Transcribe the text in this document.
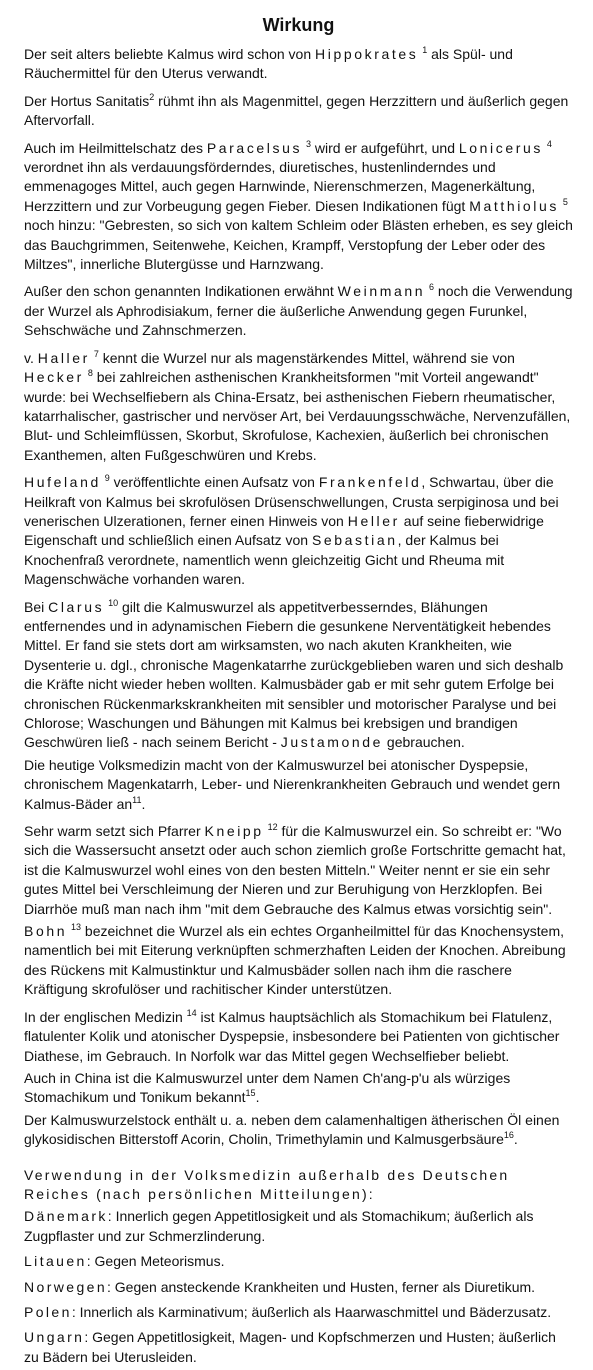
Wirkung

Der seit alters beliebte Kalmus wird schon von Hippokrates $^1$ als Spül- und Räuchermittel für den Uterus verwandt.

Der Hortus Sanitatis$^2$ rühmt ihn als Magenmittel, gegen Herzzittern und äußerlich gegen Aftervorfall.

Auch im Heilmittelschatz des Paracelsus $^3$ wird er aufgeführt, und Lonicerus $^4$ verordnet ihn als verdauungsförderndes, diuretisches, hustenlinderndes und emmenagoges Mittel, auch gegen Harnwinde, Nierenschmerzen, Magenerkältung, Herzzittern und zur Vorbeugung gegen Fieber. Diesen Indikationen fügt Matthiolus $^5$ noch hinzu: "Gebresten, so sich von kaltem Schleim oder Blästen erheben, es sey gleich das Bauchgrimmen, Seitenwehe, Keichen, Krampff, Verstopfung der Leber oder des Miltzes", innerliche Blutergüsse und Harnzwang.

Außer den schon genannten Indikationen erwähnt Weinmann $^6$ noch die Verwendung der Wurzel als Aphrodisiakum, ferner die äußerliche Anwendung gegen Furunkel, Sehschwäche und Zahnschmerzen.

v. Haller $^7$ kennt die Wurzel nur als magenstärkendes Mittel, während sie von Hecker $^8$ bei zahlreichen asthenischen Krankheitsformen "mit Vorteil angewandt" wurde: bei Wechselfiebern als China-Ersatz, bei asthenischen Fiebern rheumatischer, katarrhalischer, gastrischer und nervöser Art, bei Verdauungsschwäche, Nervenzufällen, Blut- und Schleimflüssen, Skorbut, Skrofulose, Kachexien, äußerlich bei chronischen Exanthemen, alten Fußgeschwüren und Krebs.

Hufeland $^9$ veröffentlichte einen Aufsatz von Frankenfeld, Schwartau, über die Heilkraft von Kalmus bei skrofulösen Drüsenschwellungen, Crusta serpiginosa und bei venerischen Ulzerationen, ferner einen Hinweis von Heller auf seine fieberwidrige Eigenschaft und schließlich einen Aufsatz von Sebastian, der Kalmus bei Knochenfraß verordnete, namentlich wenn gleichzeitig Gicht und Rheuma mit Magenschwäche vorhanden waren.

Bei Clarus $^{10}$ gilt die Kalmuswurzel als appetitverbesserndes, Blähungen entfernendes und in adynamischen Fiebern die gesunkene Nerventätigkeit hebendes Mittel. Er fand sie stets dort am wirksamsten, wo nach akuten Krankheiten, wie Dysenterie u. dgl., chronische Magenkatarrhe zurückgeblieben waren und sich deshalb die Kräfte nicht wieder heben wollten. Kalmusbäder gab er mit sehr gutem Erfolge bei chronischen Rückenmarkskrankheiten mit sensibler und motorischer Paralyse und bei Chlorose; Waschungen und Bähungen mit Kalmus bei krebsigen und brandigen Geschwüren ließ - nach seinem Bericht - Justamonde gebrauchen.

Die heutige Volksmedizin macht von der Kalmuswurzel bei atonischer Dyspepsie, chronischem Magenkatarrh, Leber- und Nierenkrankheiten Gebrauch und wendet gern Kalmus-Bäder $an^{11}$.

Sehr warm setzt sich Pfarrer Kneipp $^{12}$ für die Kalmuswurzel ein. So schreibt er: "Wo sich die Wassersucht ansetzt oder auch schon ziemlich große Fortschritte gemacht hat, ist die Kalmuswurzel wohl eines von den besten Mitteln." Weiter nennt er sie ein sehr gutes Mittel bei Verschleimung der Nieren und zur Beruhigung von Herzklopfen. Bei Diarrhöe muß man nach ihm "mit dem Gebrauche des Kalmus etwas vorsichtig sein".

Bohn $^{13}$ bezeichnet die Wurzel als ein echtes Organheilmittel für das Knochensystem, namentlich bei mit Eiterung verknüpften schmerzhaften Leiden der Knochen. Abreibung des Rückens mit Kalmustinktur und Kalmusbäder sollen nach ihm die raschere Kräftigung skrofulöser und rachitischer Kinder unterstützen.

In der englischen Medizin $^{14}$ ist Kalmus hauptsächlich als Stomachikum bei Flatulenz, flatulenter Kolik und atonischer Dyspepsie, insbesondere bei Patienten von gichtischer Diathese, im Gebrauch. In Norfolk war das Mittel gegen Wechselfieber beliebt.

Auch in China ist die Kalmuswurzel unter dem Namen Ch'ang-p'u als würziges Stomachikum und Tonikum bekannt$^{15}$.

Der Kalmuswurzelstock enthält u. a. neben dem calamenhaltigen ätherischen Öl einen glykosidischen Bitterstoff Acorin, Cholin, Trimethylamin und Kalmusgerbsäure$^{16}$.

Verwendung in der Volksmedizin außerhalb des Deutschen Reiches (nach persönlichen Mitteilungen):

Dänemark: Innerlich gegen Appetitlosigkeit und als Stomachikum; äußerlich als Zugpflaster und zur Schmerzlinderung.

Litauen: Gegen Meteorismus.

Norwegen: Gegen ansteckende Krankheiten und Husten, ferner als Diuretikum.

Polen: Innerlich als Karminativum; äußerlich als Haarwaschmittel und Bäderzusatz.

Ungarn: Gegen Appetitlosigkeit, Magen- und Kopfschmerzen und Husten; äußerlich zu Bädern bei Uterusleiden.
